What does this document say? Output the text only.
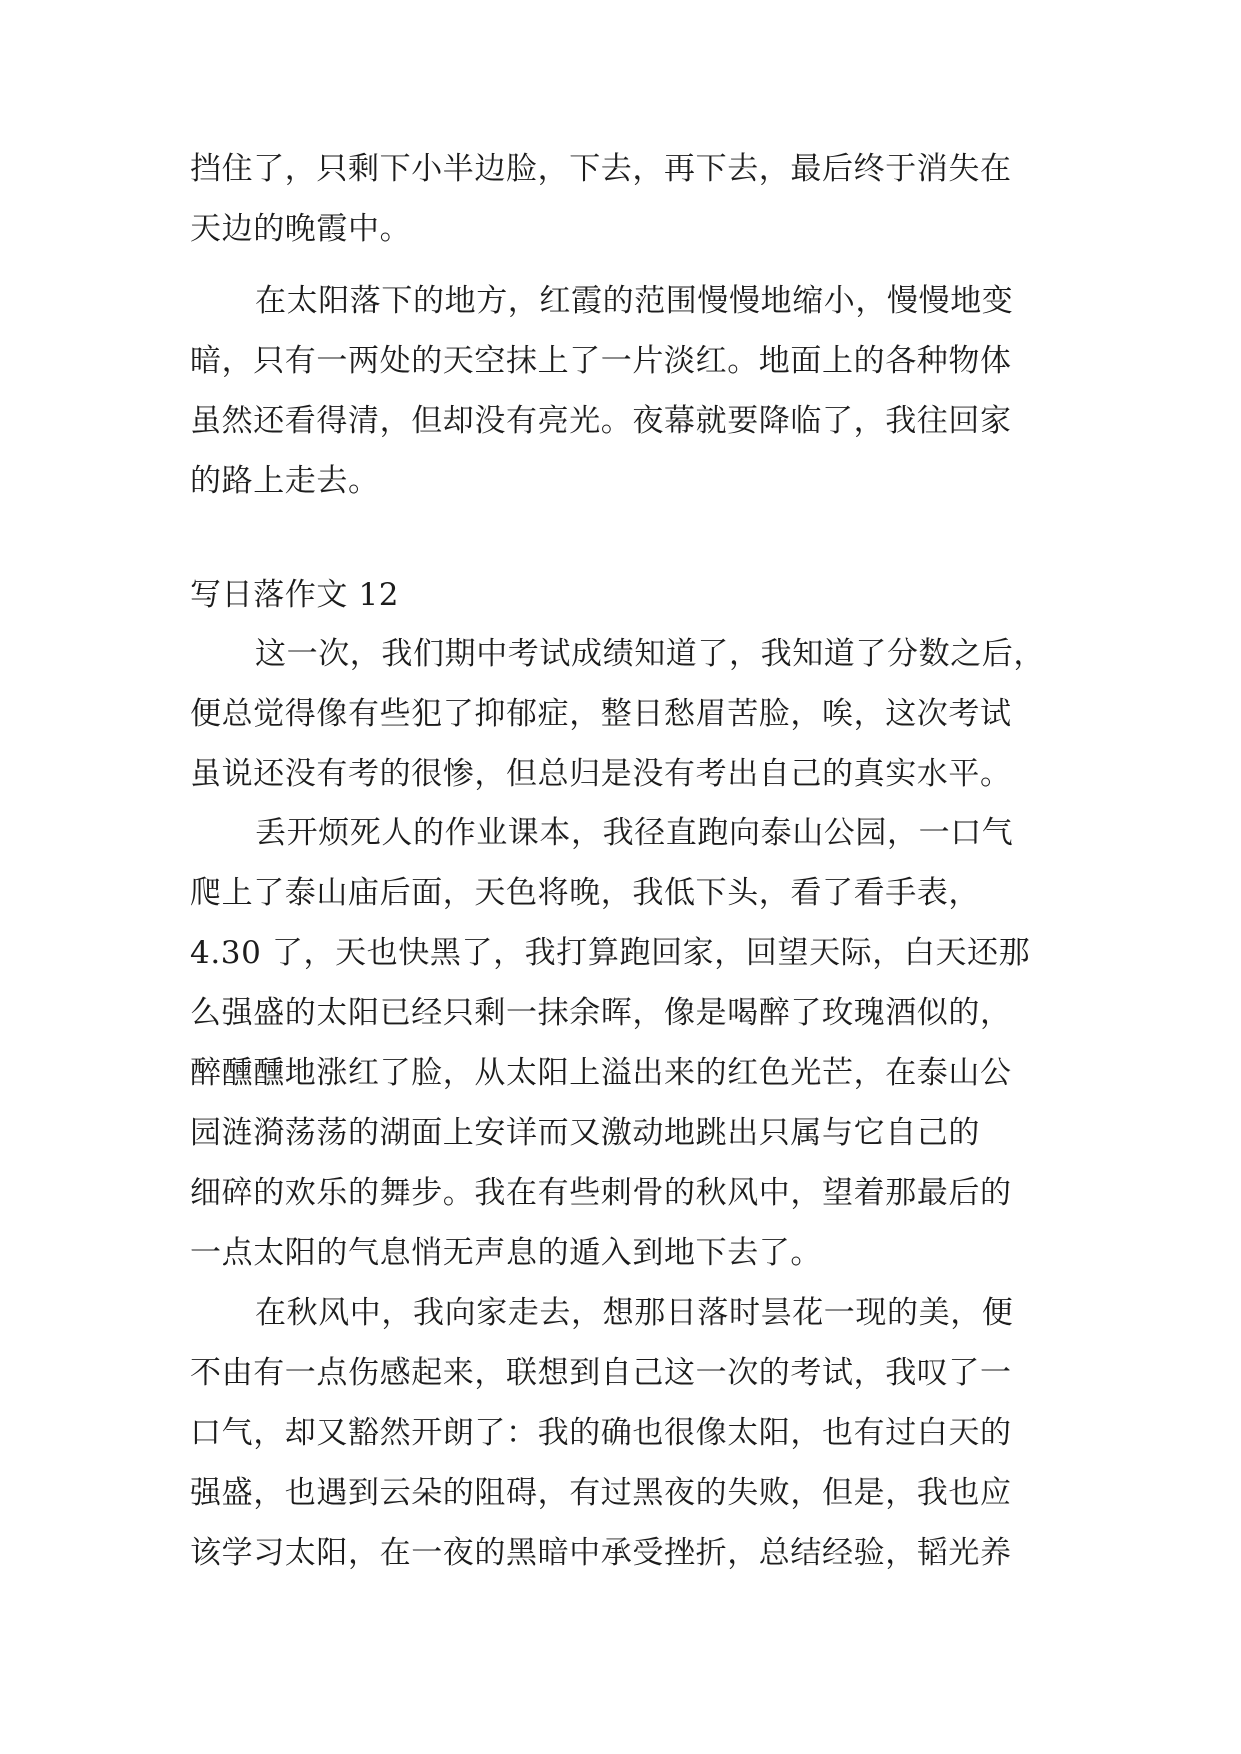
挡住了，只剩下小半边脸，下去，再下去，最后终于消失在
天边的晚霞中。
在太阳落下的地方，红霞的范围慢慢地缩小，慢慢地变
暗，只有一两处的天空抹上了一片淡红。地面上的各种物体
虽然还看得清，但却没有亮光。夜幕就要降临了，我往回家
的路上走去。
写日落作文 12
这一次，我们期中考试成绩知道了，我知道了分数之后，
便总觉得像有些犯了抑郁症，整日愁眉苦脸，唉，这次考试
虽说还没有考的很惨，但总归是没有考出自己的真实水平。
丢开烦死人的作业课本，我径直跑向泰山公园，一口气
爬上了泰山庙后面，天色将晚，我低下头，看了看手表，
4.30 了，天也快黑了，我打算跑回家，回望天际，白天还那
么强盛的太阳已经只剩一抹余晖，像是喝醉了玫瑰酒似的，
醉醺醺地涨红了脸，从太阳上溢出来的红色光芒，在泰山公
园涟漪荡荡的湖面上安详而又激动地跳出只属与它自己的
细碎的欢乐的舞步。我在有些刺骨的秋风中，望着那最后的
一点太阳的气息悄无声息的遁入到地下去了。
在秋风中，我向家走去，想那日落时昙花一现的美，便
不由有一点伤感起来，联想到自己这一次的考试，我叹了一
口气，却又豁然开朗了：我的确也很像太阳，也有过白天的
强盛，也遇到云朵的阻碍，有过黑夜的失败，但是，我也应
该学习太阳，在一夜的黑暗中承受挫折，总结经验，韬光养
